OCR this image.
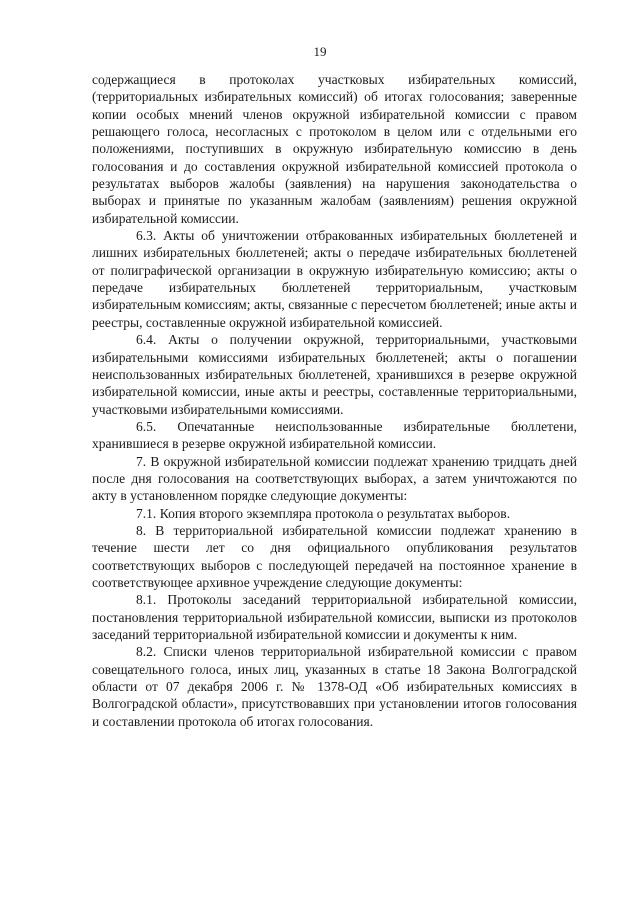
19

содержащиеся в протоколах участковых избирательных комиссий, (территориальных избирательных комиссий) об итогах голосования; заверенные копии особых мнений членов окружной избирательной комиссии с правом решающего голоса, несогласных с протоколом в целом или с отдельными его положениями, поступивших в окружную избирательную комиссию в день голосования и до составления окружной избирательной комиссией протокола о результатах выборов жалобы (заявления) на нарушения законодательства о выборах и принятые по указанным жалобам (заявлениям) решения окружной избирательной комиссии.

6.3. Акты об уничтожении отбракованных избирательных бюллетеней и лишних избирательных бюллетеней; акты о передаче избирательных бюллетеней от полиграфической организации в окружную избирательную комиссию; акты о передаче избирательных бюллетеней территориальным, участковым избирательным комиссиям; акты, связанные с пересчетом бюллетеней; иные акты и реестры, составленные окружной избирательной комиссией.

6.4. Акты о получении окружной, территориальными, участковыми избирательными комиссиями избирательных бюллетеней; акты о погашении неиспользованных избирательных бюллетеней, хранившихся в резерве окружной избирательной комиссии, иные акты и реестры, составленные территориальными, участковыми избирательными комиссиями.

6.5. Опечатанные неиспользованные избирательные бюллетени, хранившиеся в резерве окружной избирательной комиссии.

7. В окружной избирательной комиссии подлежат хранению тридцать дней после дня голосования на соответствующих выборах, а затем уничтожаются по акту в установленном порядке следующие документы:

7.1. Копия второго экземпляра протокола о результатах выборов.

8. В территориальной избирательной комиссии подлежат хранению в течение шести лет со дня официального опубликования результатов соответствующих выборов с последующей передачей на постоянное хранение в соответствующее архивное учреждение следующие документы:

8.1. Протоколы заседаний территориальной избирательной комиссии, постановления территориальной избирательной комиссии, выписки из протоколов заседаний территориальной избирательной комиссии и документы к ним.

8.2. Списки членов территориальной избирательной комиссии с правом совещательного голоса, иных лиц, указанных в статье 18 Закона Волгоградской области от 07 декабря 2006 г. № 1378-ОД «Об избирательных комиссиях в Волгоградской области», присутствовавших при установлении итогов голосования и составлении протокола об итогах голосования.
